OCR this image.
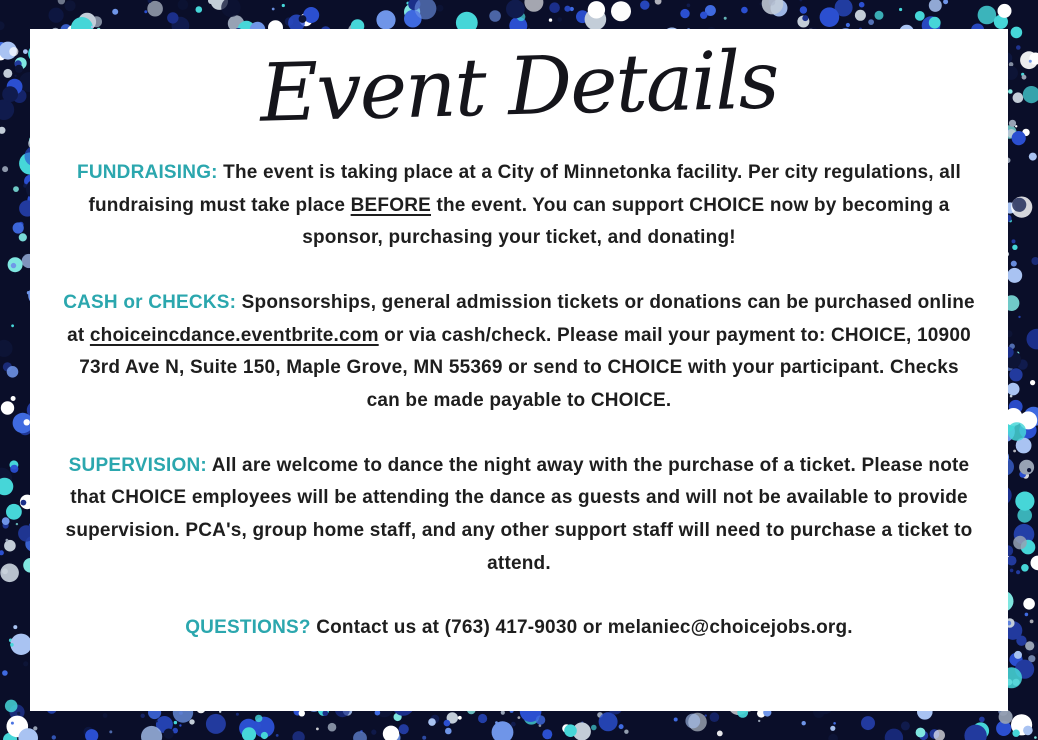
Event Details

FUNDRAISING: The event is taking place at a City of Minnetonka facility. Per city regulations, all fundraising must take place BEFORE the event. You can support CHOICE now by becoming a sponsor, purchasing your ticket, and donating!

CASH or CHECKS: Sponsorships, general admission tickets or donations can be purchased online at choiceincdance.eventbrite.com or via cash/check. Please mail your payment to: CHOICE, 10900 73rd Ave N, Suite 150, Maple Grove, MN 55369 or send to CHOICE with your participant. Checks can be made payable to CHOICE.

SUPERVISION: All are welcome to dance the night away with the purchase of a ticket. Please note that CHOICE employees will be attending the dance as guests and will not be available to provide supervision. PCA's, group home staff, and any other support staff will need to purchase a ticket to attend.

QUESTIONS? Contact us at (763) 417-9030 or melaniec@choicejobs.org.
